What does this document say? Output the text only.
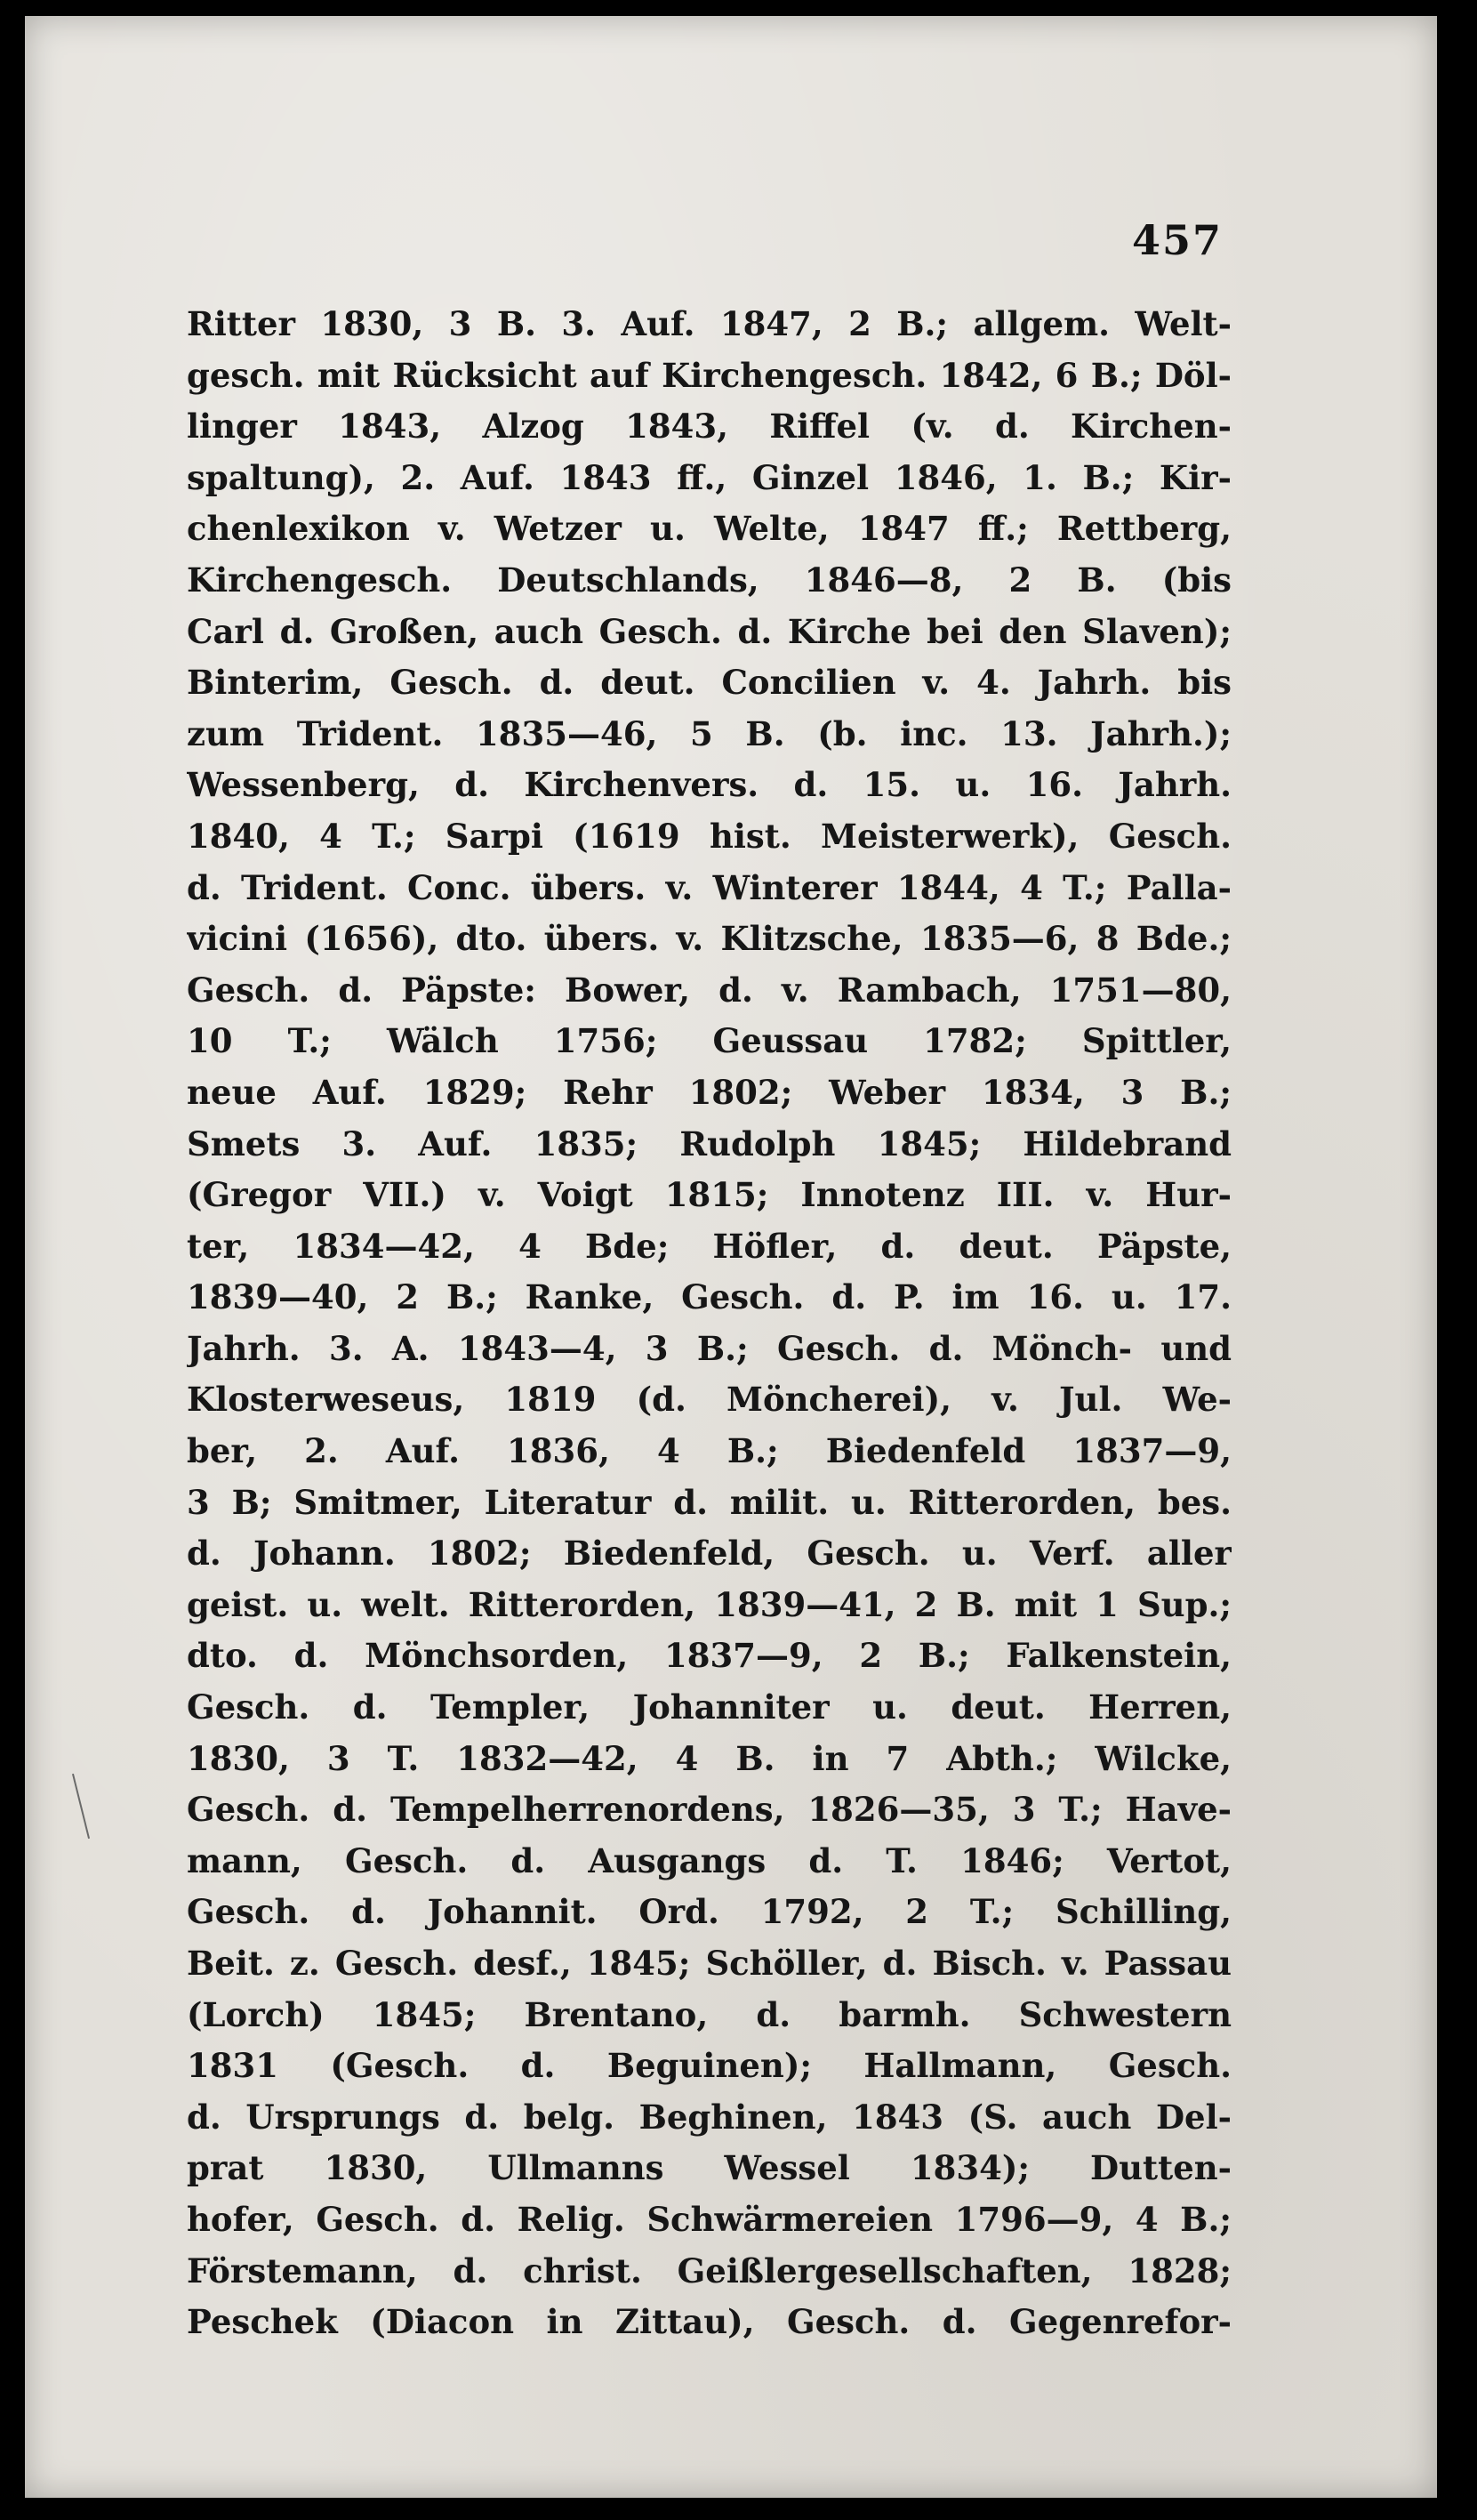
457
Ritter 1830, 3 B. 3. Auf. 1847, 2 B.; allgem. Welt-
gesch. mit Rücksicht auf Kirchengesch. 1842, 6 B.; Döl-
linger 1843, Alzog 1843, Riffel (v. d. Kirchen-
spaltung), 2. Auf. 1843 ff., Ginzel 1846, 1. B.; Kir-
chenlexikon v. Wetzer u. Welte, 1847 ff.; Rettberg,
Kirchengesch. Deutschlands, 1846—8, 2 B. (bis
Carl d. Großen, auch Gesch. d. Kirche bei den Slaven);
Binterim, Gesch. d. deut. Concilien v. 4. Jahrh. bis
zum Trident. 1835—46, 5 B. (b. inc. 13. Jahrh.);
Wessenberg, d. Kirchenvers. d. 15. u. 16. Jahrh.
1840, 4 T.; Sarpi (1619 hist. Meisterwerk), Gesch.
d. Trident. Conc. übers. v. Winterer 1844, 4 T.; Palla-
vicini (1656), dto. übers. v. Klitzsche, 1835—6, 8 Bde.;
Gesch. d. Päpste: Bower, d. v. Rambach, 1751—80,
10 T.; Wälch 1756; Geussau 1782; Spittler,
neue Auf. 1829; Rehr 1802; Weber 1834, 3 B.;
Smets 3. Auf. 1835; Rudolph 1845; Hildebrand
(Gregor VII.) v. Voigt 1815; Innotenz III. v. Hur-
ter, 1834—42, 4 Bde; Höfler, d. deut. Päpste,
1839—40, 2 B.; Ranke, Gesch. d. P. im 16. u. 17.
Jahrh. 3. A. 1843—4, 3 B.; Gesch. d. Mönch- und
Klosterweseus, 1819 (d. Möncherei), v. Jul. We-
ber, 2. Auf. 1836, 4 B.; Biedenfeld 1837—9,
3 B; Smitmer, Literatur d. milit. u. Ritterorden, bes.
d. Johann. 1802; Biedenfeld, Gesch. u. Verf. aller
geist. u. welt. Ritterorden, 1839—41, 2 B. mit 1 Sup.;
dto. d. Mönchsorden, 1837—9, 2 B.; Falkenstein,
Gesch. d. Templer, Johanniter u. deut. Herren,
1830, 3 T. 1832—42, 4 B. in 7 Abth.; Wilcke,
Gesch. d. Tempelherrenordens, 1826—35, 3 T.; Have-
mann, Gesch. d. Ausgangs d. T. 1846; Vertot,
Gesch. d. Johannit. Ord. 1792, 2 T.; Schilling,
Beit. z. Gesch. desf., 1845; Schöller, d. Bisch. v. Passau
(Lorch) 1845; Brentano, d. barmh. Schwestern
1831 (Gesch. d. Beguinen); Hallmann, Gesch.
d. Ursprungs d. belg. Beghinen, 1843 (S. auch Del-
prat 1830, Ullmanns Wessel 1834); Dutten-
hofer, Gesch. d. Relig. Schwärmereien 1796—9, 4 B.;
Förstemann, d. christ. Geißlergesellschaften, 1828;
Peschek (Diacon in Zittau), Gesch. d. Gegenrefor-
